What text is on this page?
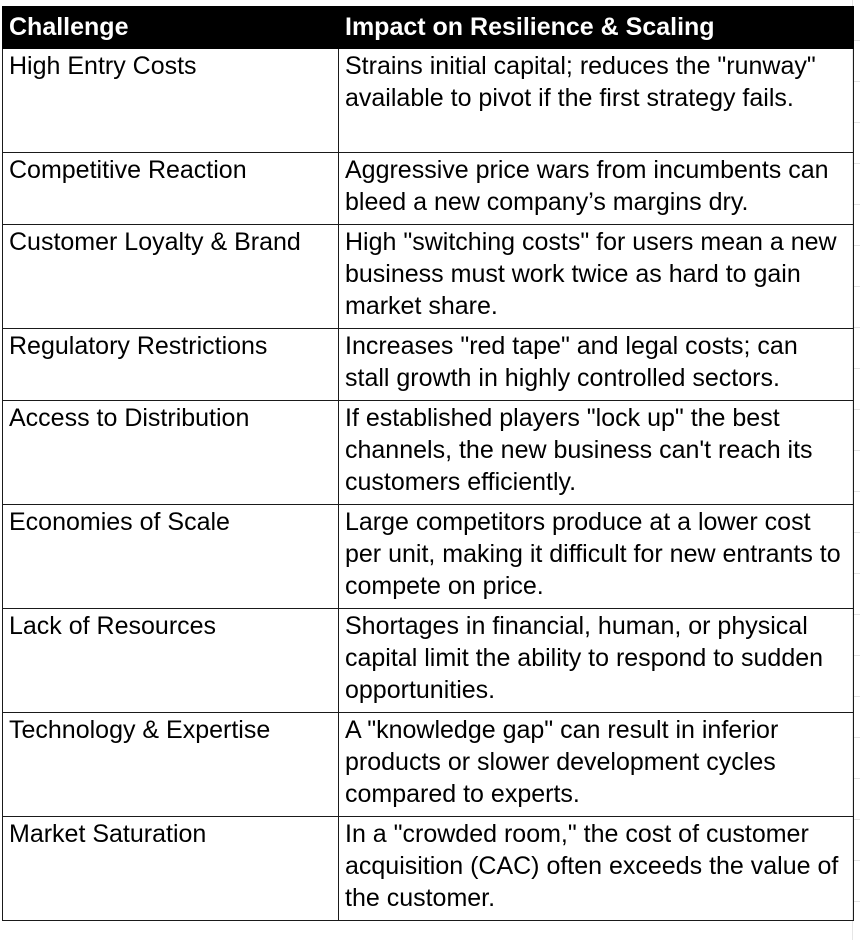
Challenge	Impact on Resilience & Scaling
High Entry Costs	Strains initial capital; reduces the "runway" available to pivot if the first strategy fails.
Competitive Reaction	Aggressive price wars from incumbents can bleed a new company’s margins dry.
Customer Loyalty & Brand	High "switching costs" for users mean a new business must work twice as hard to gain market share.
Regulatory Restrictions	Increases "red tape" and legal costs; can stall growth in highly controlled sectors.
Access to Distribution	If established players "lock up" the best channels, the new business can't reach its customers efficiently.
Economies of Scale	Large competitors produce at a lower cost per unit, making it difficult for new entrants to compete on price.
Lack of Resources	Shortages in financial, human, or physical capital limit the ability to respond to sudden opportunities.
Technology & Expertise	A "knowledge gap" can result in inferior products or slower development cycles compared to experts.
Market Saturation	In a "crowded room," the cost of customer acquisition (CAC) often exceeds the value of the customer.
